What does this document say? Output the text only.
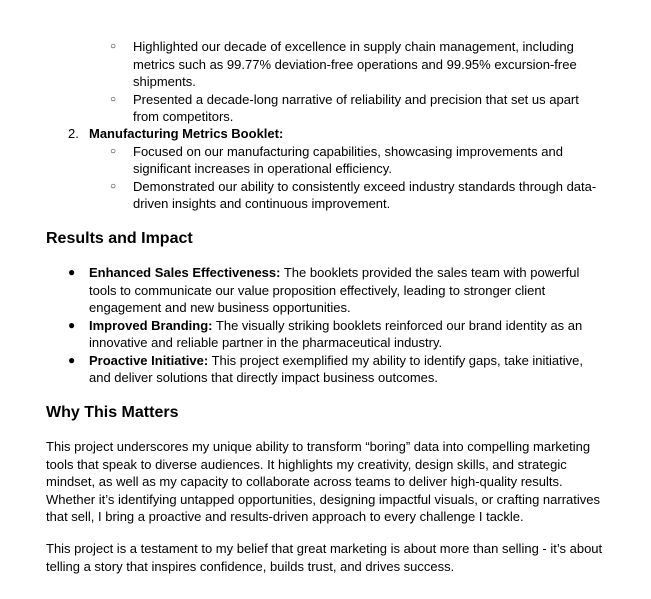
○ Highlighted our decade of excellence in supply chain management, including metrics such as 99.77% deviation-free operations and 99.95% excursion-free shipments.
○ Presented a decade-long narrative of reliability and precision that set us apart from competitors.
2. Manufacturing Metrics Booklet:
○ Focused on our manufacturing capabilities, showcasing improvements and significant increases in operational efficiency.
○ Demonstrated our ability to consistently exceed industry standards through data-driven insights and continuous improvement.
Results and Impact
● Enhanced Sales Effectiveness: The booklets provided the sales team with powerful tools to communicate our value proposition effectively, leading to stronger client engagement and new business opportunities.
● Improved Branding: The visually striking booklets reinforced our brand identity as an innovative and reliable partner in the pharmaceutical industry.
● Proactive Initiative: This project exemplified my ability to identify gaps, take initiative, and deliver solutions that directly impact business outcomes.
Why This Matters

This project underscores my unique ability to transform “boring” data into compelling marketing tools that speak to diverse audiences. It highlights my creativity, design skills, and strategic mindset, as well as my capacity to collaborate across teams to deliver high-quality results. Whether it’s identifying untapped opportunities, designing impactful visuals, or crafting narratives that sell, I bring a proactive and results-driven approach to every challenge I tackle.

This project is a testament to my belief that great marketing is about more than selling - it’s about telling a story that inspires confidence, builds trust, and drives success.
